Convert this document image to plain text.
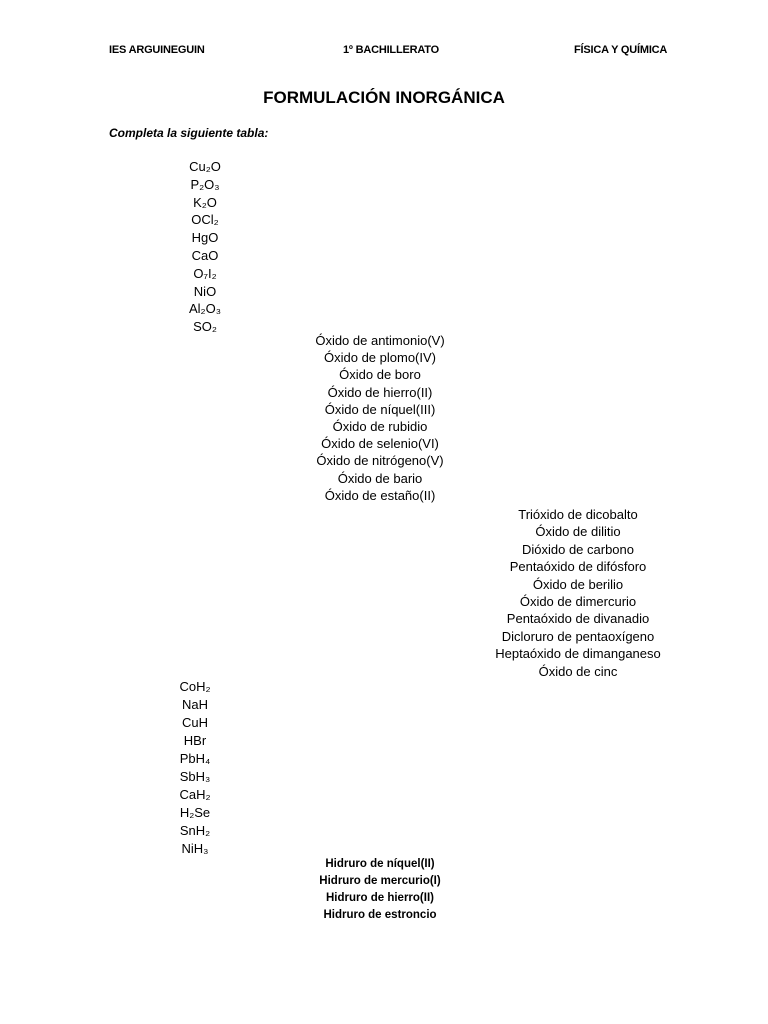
IES ARGUINEGUIN	1º BACHILLERATO	FÍSICA Y QUÍMICA
FORMULACIÓN INORGÁNICA
Completa la siguiente tabla:
Cu₂O
P₂O₃
K₂O
OCl₂
HgO
CaO
O₇I₂
NiO
Al₂O₃
SO₂
Óxido de antimonio(V)
Óxido de plomo(IV)
Óxido de boro
Óxido de hierro(II)
Óxido de níquel(III)
Óxido de rubidio
Óxido de selenio(VI)
Óxido de nitrógeno(V)
Óxido de bario
Óxido de estaño(II)
Trióxido de dicobalto
Óxido de dilitio
Dióxido de carbono
Pentaóxido de difósforo
Óxido de berilio
Óxido de dimercurio
Pentaóxido de divanadio
Dicloruro de pentaoxígeno
Heptaóxido de dimanganeso
Óxido de cinc
CoH₂
NaH
CuH
HBr
PbH₄
SbH₃
CaH₂
H₂Se
SnH₂
NiH₃
Hidruro de níquel(II)
Hidruro de mercurio(I)
Hidruro de hierro(II)
Hidruro de estroncio
